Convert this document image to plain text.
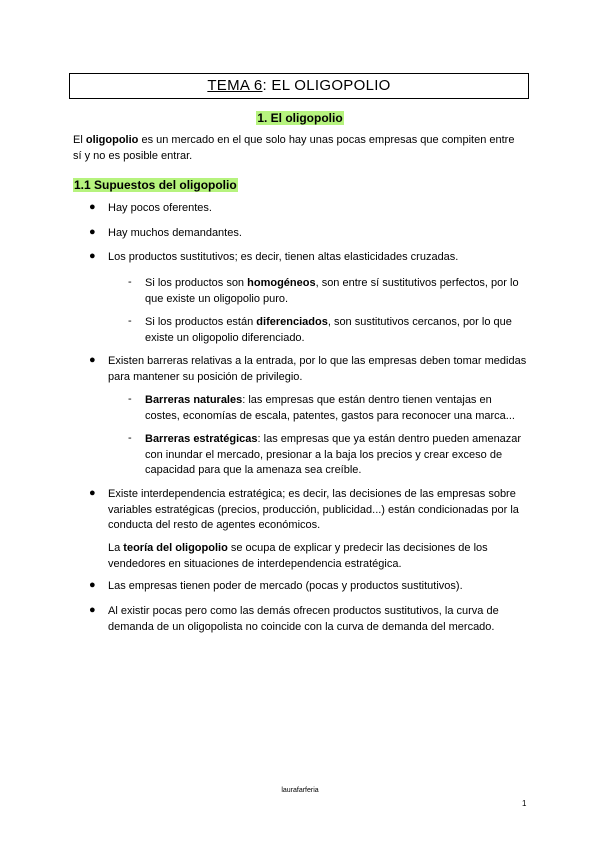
TEMA 6: EL OLIGOPOLIO
1. El oligopolio
El oligopolio es un mercado en el que solo hay unas pocas empresas que compiten entre sí y no es posible entrar.
1.1 Supuestos del oligopolio
● Hay pocos oferentes.
● Hay muchos demandantes.
● Los productos sustitutivos; es decir, tienen altas elasticidades cruzadas.
- Si los productos son homogéneos, son entre sí sustitutivos perfectos, por lo que existe un oligopolio puro.
- Si los productos están diferenciados, son sustitutivos cercanos, por lo que existe un oligopolio diferenciado.
● Existen barreras relativas a la entrada, por lo que las empresas deben tomar medidas para mantener su posición de privilegio.
- Barreras naturales: las empresas que están dentro tienen ventajas en costes, economías de escala, patentes, gastos para reconocer una marca...
- Barreras estratégicas: las empresas que ya están dentro pueden amenazar con inundar el mercado, presionar a la baja los precios y crear exceso de capacidad para que la amenaza sea creíble.
● Existe interdependencia estratégica; es decir, las decisiones de las empresas sobre variables estratégicas (precios, producción, publicidad...) están condicionadas por la conducta del resto de agentes económicos.
La teoría del oligopolio se ocupa de explicar y predecir las decisiones de los vendedores en situaciones de interdependencia estratégica.
● Las empresas tienen poder de mercado (pocas y productos sustitutivos).
● Al existir pocas pero como las demás ofrecen productos sustitutivos, la curva de demanda de un oligopolista no coincide con la curva de demanda del mercado.
laurafarferia
1
